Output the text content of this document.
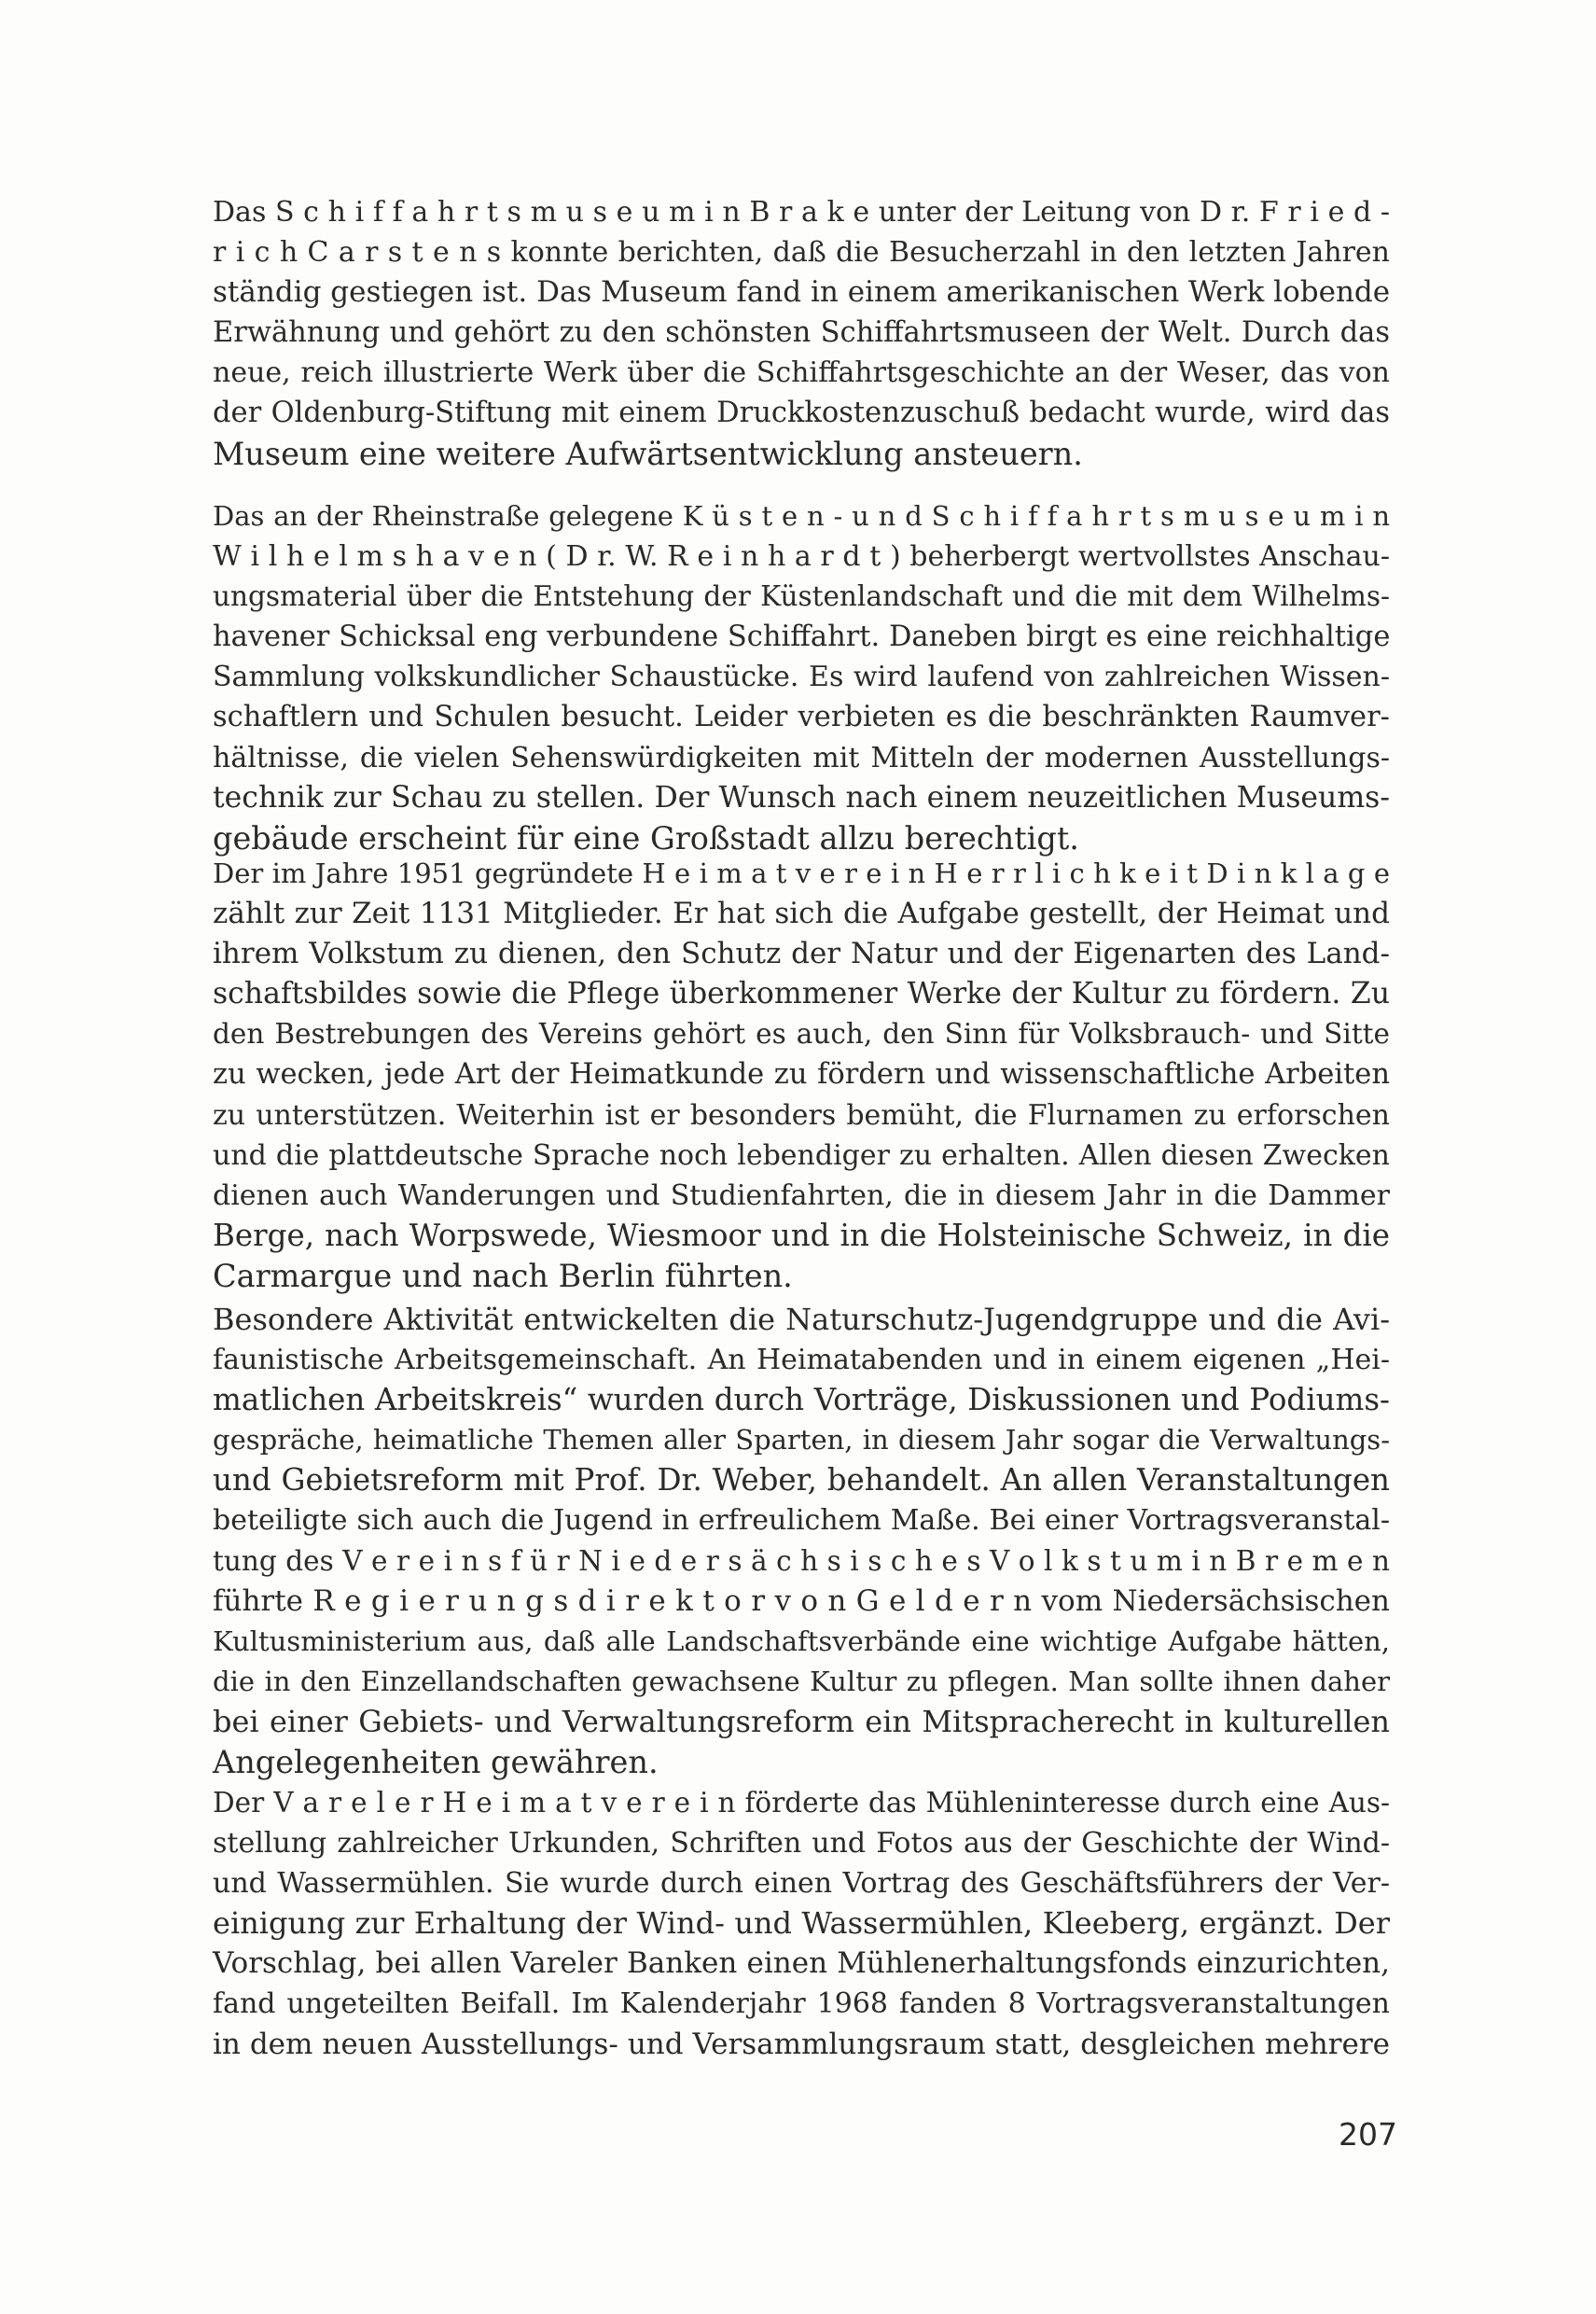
Das S c h i f f a h r t s m u s e u m i n B r a k e unter der Leitung von D r. F r i e d -
r i c h C a r s t e n s konnte berichten, daß die Besucherzahl in den letzten Jahren
ständig gestiegen ist. Das Museum fand in einem amerikanischen Werk lobende
Erwähnung und gehört zu den schönsten Schiffahrtsmuseen der Welt. Durch das
neue, reich illustrierte Werk über die Schiffahrtsgeschichte an der Weser, das von
der Oldenburg-Stiftung mit einem Druckkostenzuschuß bedacht wurde, wird das
Museum eine weitere Aufwärtsentwicklung ansteuern.
Das an der Rheinstraße gelegene K ü s t e n - u n d S c h i f f a h r t s m u s e u m i n
W i l h e l m s h a v e n ( D r. W. R e i n h a r d t ) beherbergt wertvollstes Anschau-
ungsmaterial über die Entstehung der Küstenlandschaft und die mit dem Wilhelms-
havener Schicksal eng verbundene Schiffahrt. Daneben birgt es eine reichhaltige
Sammlung volkskundlicher Schaustücke. Es wird laufend von zahlreichen Wissen-
schaftlern und Schulen besucht. Leider verbieten es die beschränkten Raumver-
hältnisse, die vielen Sehenswürdigkeiten mit Mitteln der modernen Ausstellungs-
technik zur Schau zu stellen. Der Wunsch nach einem neuzeitlichen Museums-
gebäude erscheint für eine Großstadt allzu berechtigt.
Der im Jahre 1951 gegründete H e i m a t v e r e i n H e r r l i c h k e i t D i n k l a g e
zählt zur Zeit 1131 Mitglieder. Er hat sich die Aufgabe gestellt, der Heimat und
ihrem Volkstum zu dienen, den Schutz der Natur und der Eigenarten des Land-
schaftsbildes sowie die Pflege überkommener Werke der Kultur zu fördern. Zu
den Bestrebungen des Vereins gehört es auch, den Sinn für Volksbrauch- und Sitte
zu wecken, jede Art der Heimatkunde zu fördern und wissenschaftliche Arbeiten
zu unterstützen. Weiterhin ist er besonders bemüht, die Flurnamen zu erforschen
und die plattdeutsche Sprache noch lebendiger zu erhalten. Allen diesen Zwecken
dienen auch Wanderungen und Studienfahrten, die in diesem Jahr in die Dammer
Berge, nach Worpswede, Wiesmoor und in die Holsteinische Schweiz, in die
Carmargue und nach Berlin führten.
Besondere Aktivität entwickelten die Naturschutz-Jugendgruppe und die Avi-
faunistische Arbeitsgemeinschaft. An Heimatabenden und in einem eigenen „Hei-
matlichen Arbeitskreis“ wurden durch Vorträge, Diskussionen und Podiums-
gespräche, heimatliche Themen aller Sparten, in diesem Jahr sogar die Verwaltungs-
und Gebietsreform mit Prof. Dr. Weber, behandelt. An allen Veranstaltungen
beteiligte sich auch die Jugend in erfreulichem Maße. Bei einer Vortragsveranstal-
tung des V e r e i n s f ü r N i e d e r s ä c h s i s c h e s V o l k s t u m i n B r e m e n
führte R e g i e r u n g s d i r e k t o r v o n G e l d e r n vom Niedersächsischen
Kultusministerium aus, daß alle Landschaftsverbände eine wichtige Aufgabe hätten,
die in den Einzellandschaften gewachsene Kultur zu pflegen. Man sollte ihnen daher
bei einer Gebiets- und Verwaltungsreform ein Mitspracherecht in kulturellen
Angelegenheiten gewähren.
Der V a r e l e r H e i m a t v e r e i n förderte das Mühleninteresse durch eine Aus-
stellung zahlreicher Urkunden, Schriften und Fotos aus der Geschichte der Wind-
und Wassermühlen. Sie wurde durch einen Vortrag des Geschäftsführers der Ver-
einigung zur Erhaltung der Wind- und Wassermühlen, Kleeberg, ergänzt. Der
Vorschlag, bei allen Vareler Banken einen Mühlenerhaltungsfonds einzurichten,
fand ungeteilten Beifall. Im Kalenderjahr 1968 fanden 8 Vortragsveranstaltungen
in dem neuen Ausstellungs- und Versammlungsraum statt, desgleichen mehrere
207
